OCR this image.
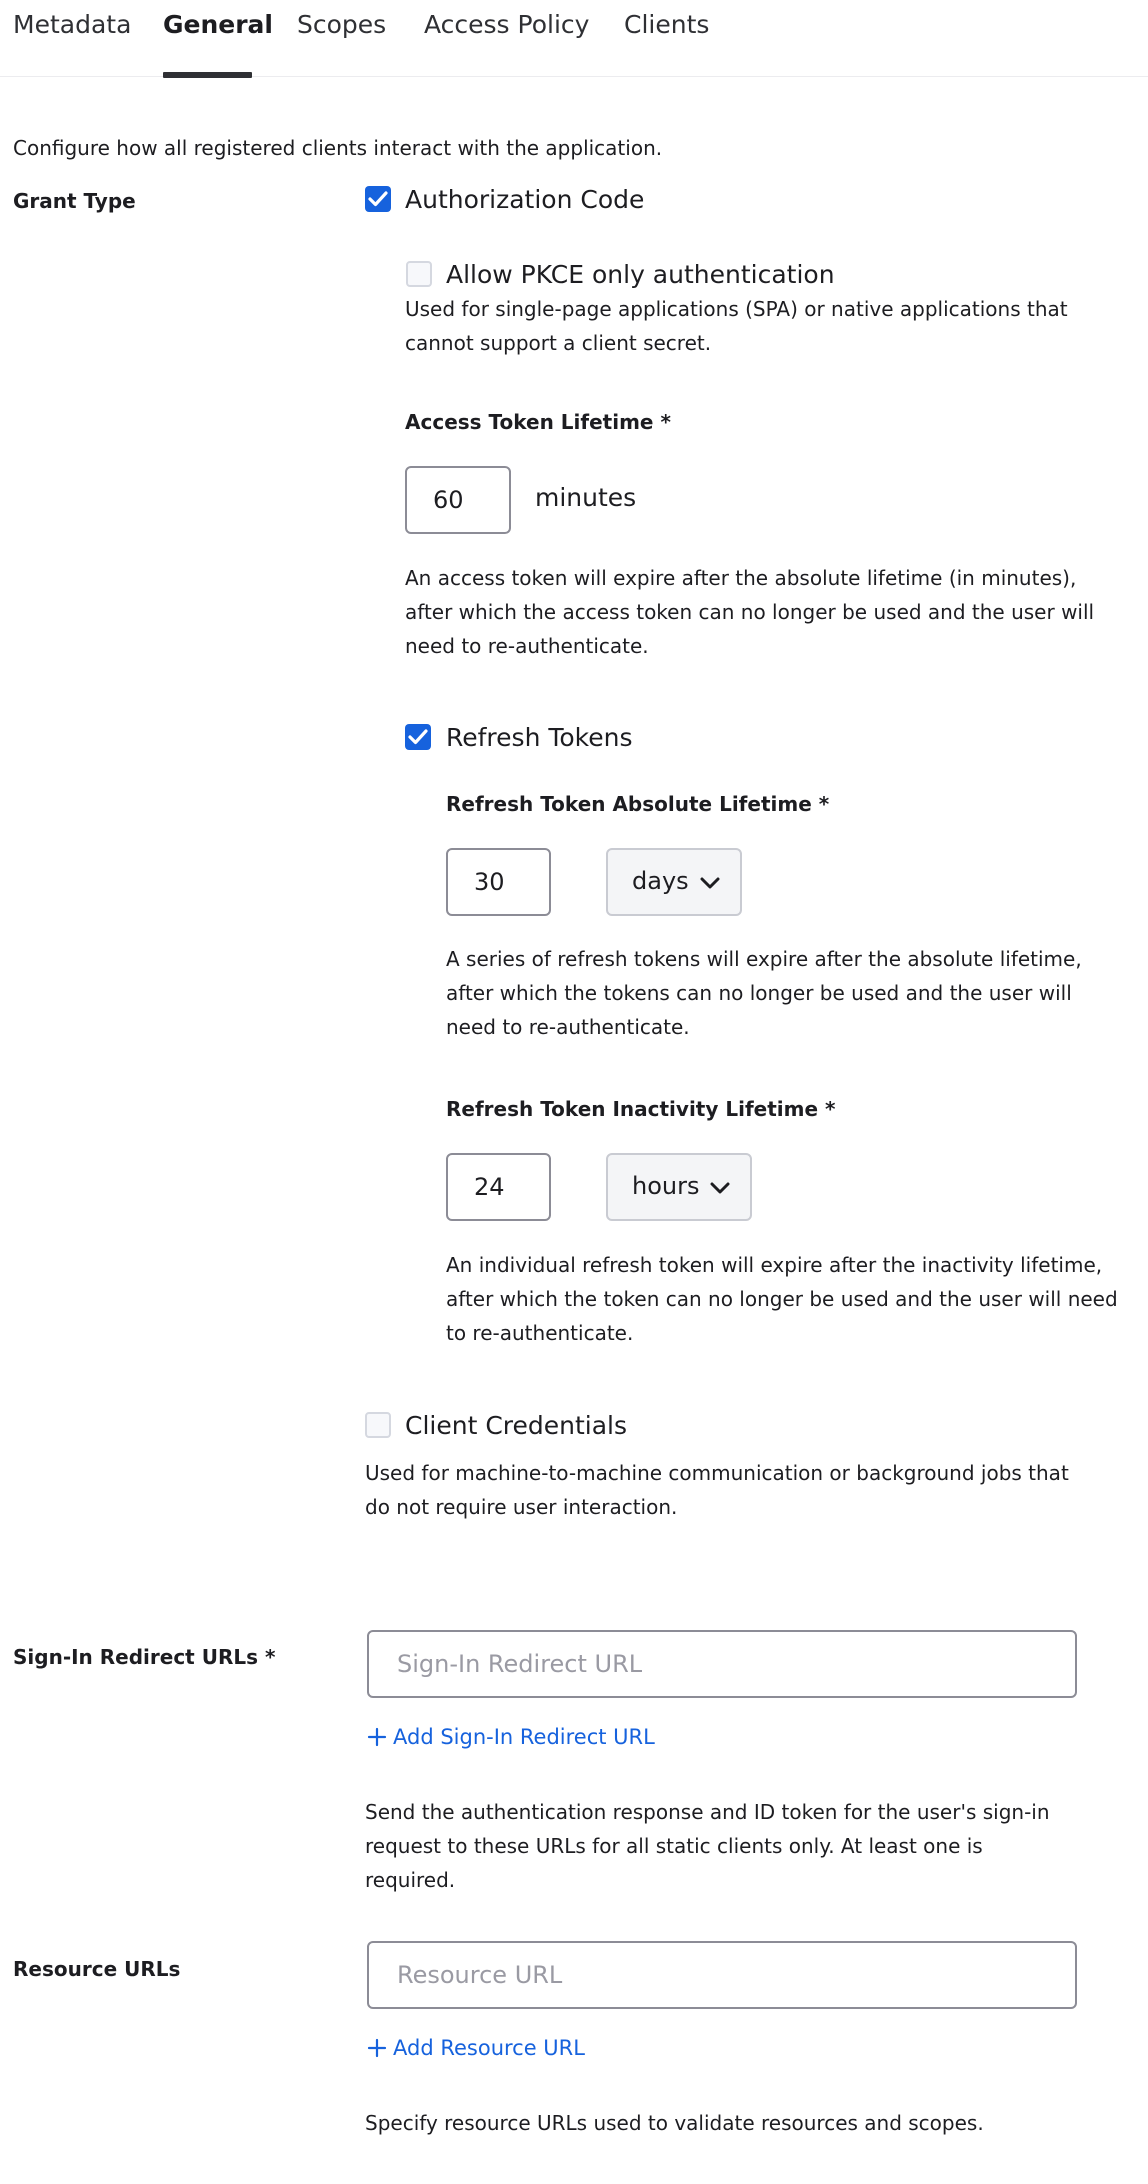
Metadata General Scopes Access Policy Clients
Configure how all registered clients interact with the application.
Grant Type	Authorization Code
Allow PKCE only authentication
Used for single-page applications (SPA) or native applications that cannot support a client secret.
Access Token Lifetime *
60	minutes
An access token will expire after the absolute lifetime (in minutes), after which the access token can no longer be used and the user will need to re-authenticate.
Refresh Tokens
Refresh Token Absolute Lifetime *
30	days
A series of refresh tokens will expire after the absolute lifetime, after which the tokens can no longer be used and the user will need to re-authenticate.
Refresh Token Inactivity Lifetime *
24	hours
An individual refresh token will expire after the inactivity lifetime, after which the token can no longer be used and the user will need to re-authenticate.
Client Credentials
Used for machine-to-machine communication or background jobs that do not require user interaction.
Sign-In Redirect URLs *	Sign-In Redirect URL
Add Sign-In Redirect URL
Send the authentication response and ID token for the user's sign-in request to these URLs for all static clients only. At least one is required.
Resource URLs	Resource URL
Add Resource URL
Specify resource URLs used to validate resources and scopes.
